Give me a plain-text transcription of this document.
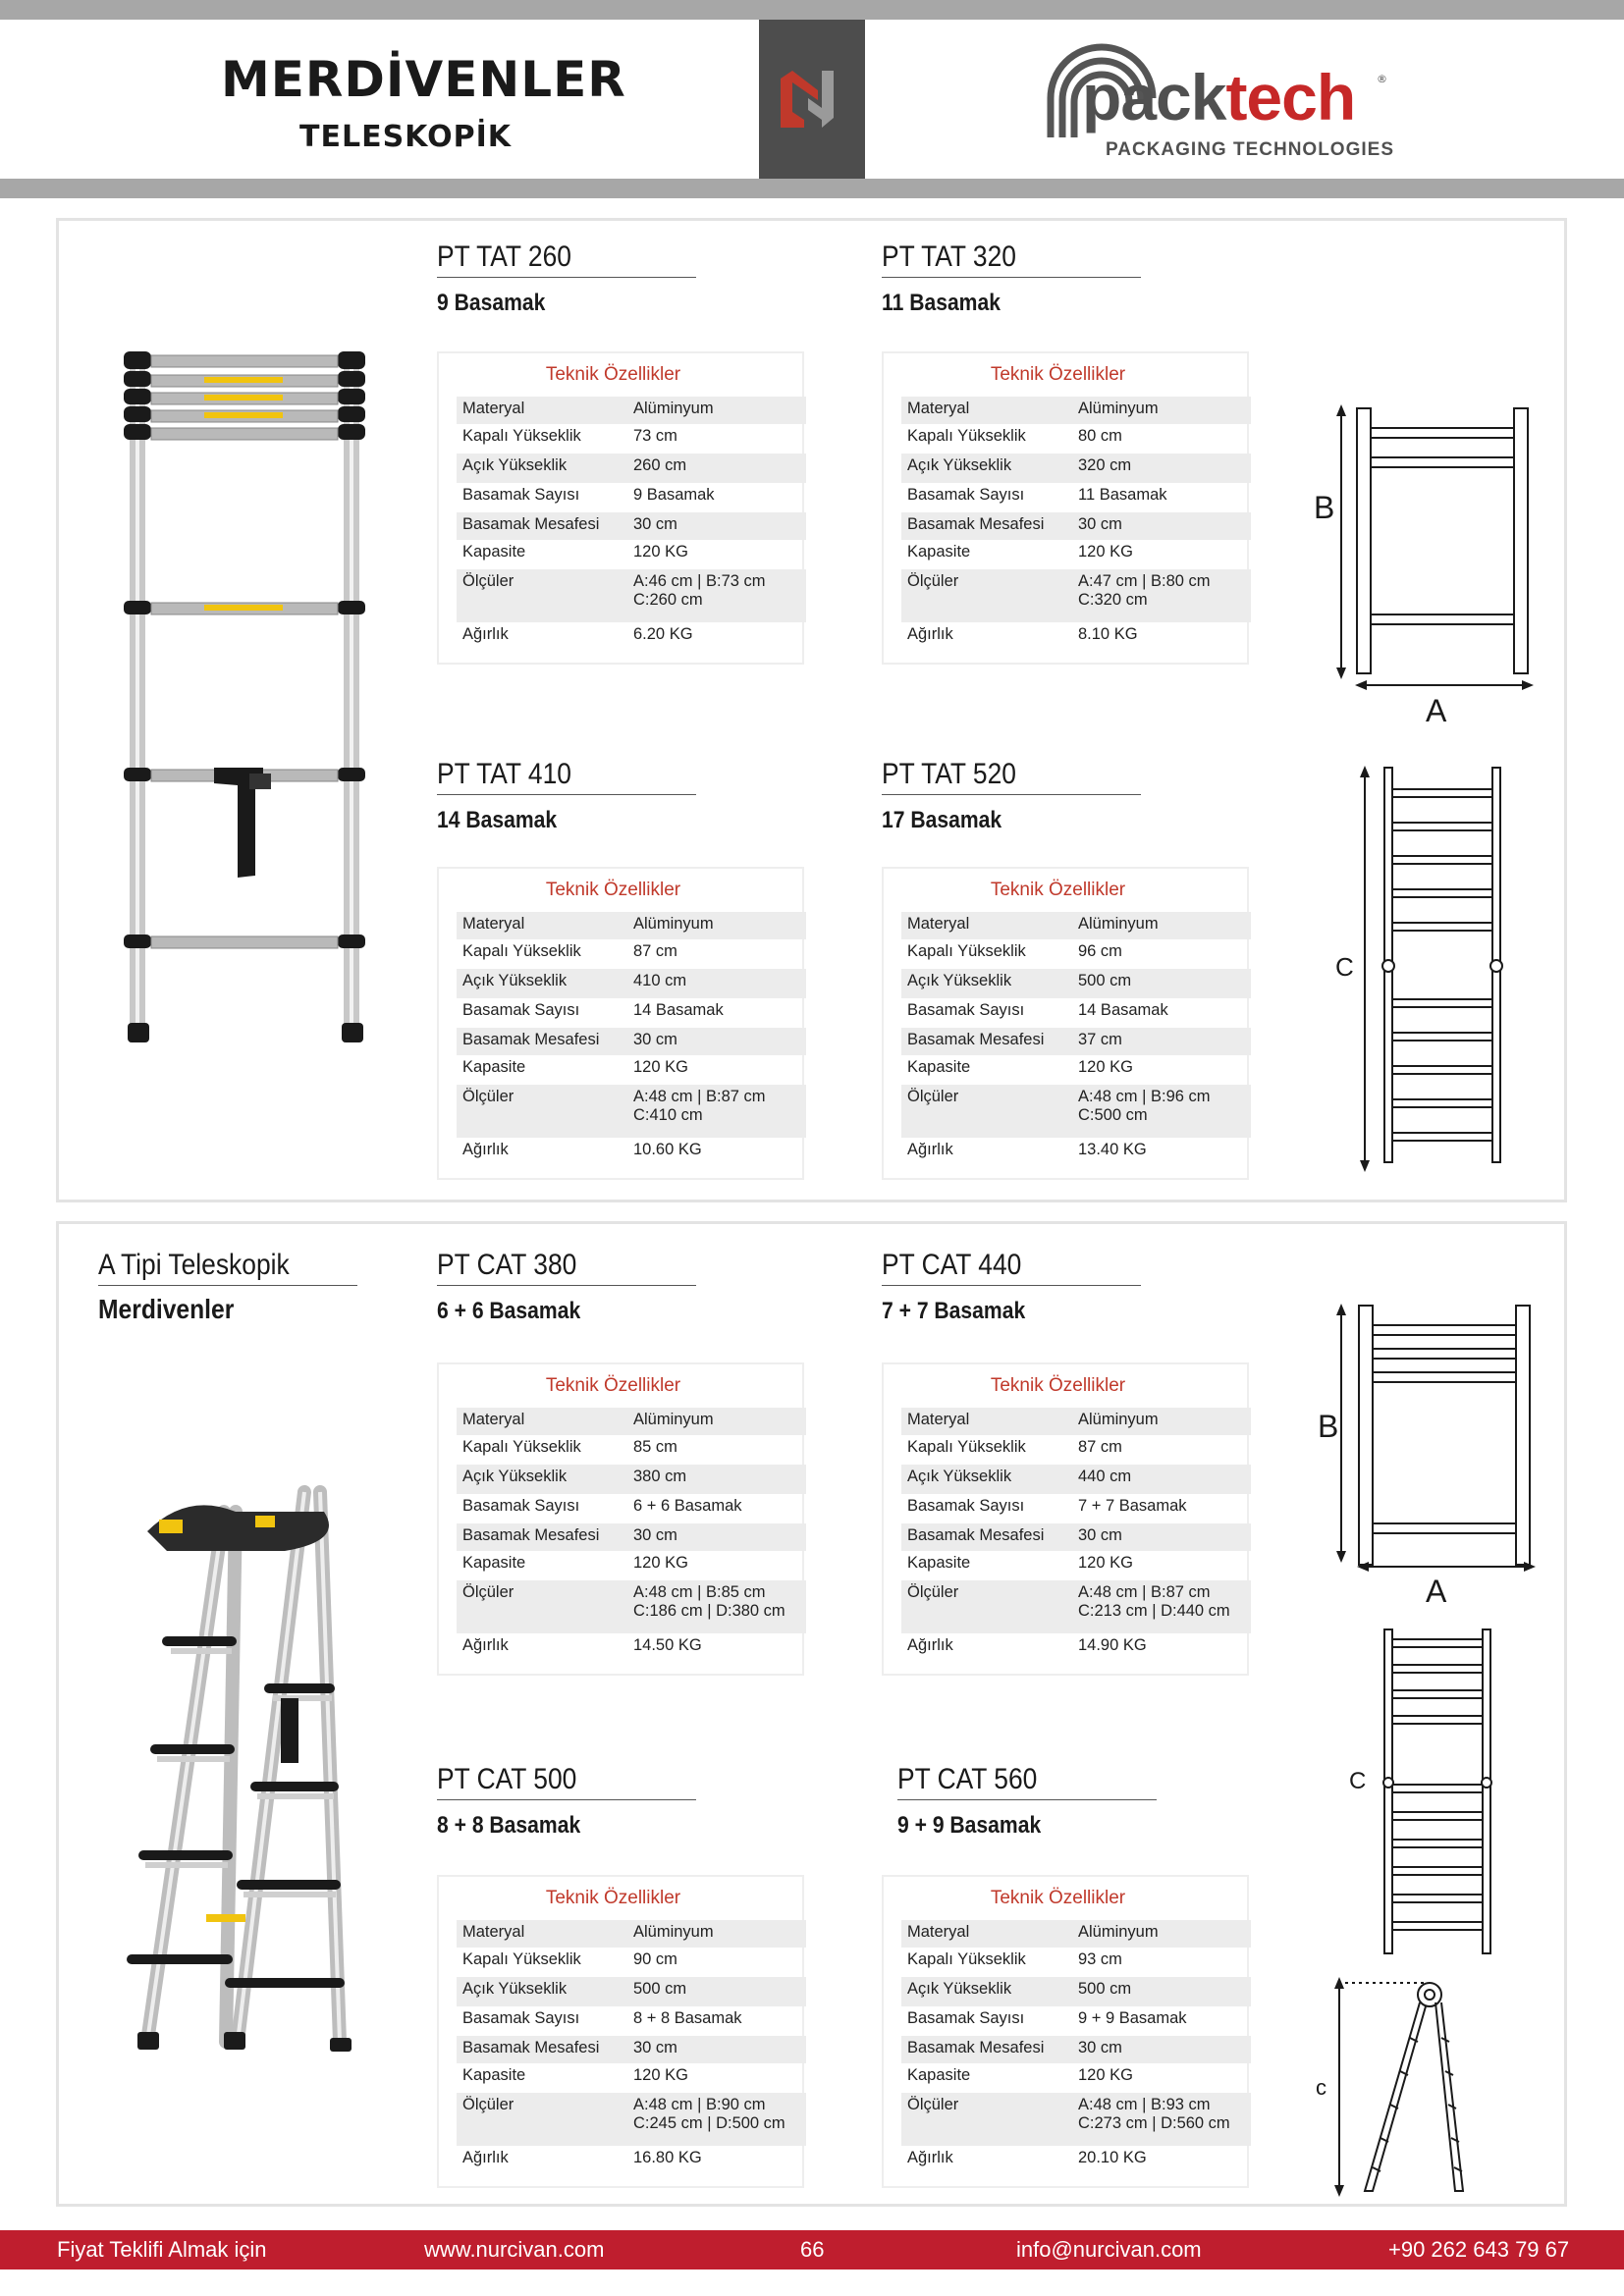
MERDİVENLER
TELESKOPİK
packtech ®
PACKAGING TECHNOLOGIES
PT TAT 260
9 Basamak
Teknik Özellikler
Materyal	Alüminyum
Kapalı Yükseklik	73 cm
Açık Yükseklik	260 cm
Basamak Sayısı	9 Basamak
Basamak Mesafesi	30 cm
Kapasite	120 KG
Ölçüler	A:46 cm | B:73 cm
C:260 cm
Ağırlık	6.20 KG
PT TAT 320
11 Basamak
Teknik Özellikler
Materyal	Alüminyum
Kapalı Yükseklik	80 cm
Açık Yükseklik	320 cm
Basamak Sayısı	11 Basamak
Basamak Mesafesi	30 cm
Kapasite	120 KG
Ölçüler	A:47 cm | B:80 cm
C:320 cm
Ağırlık	8.10 KG
PT TAT 410
14 Basamak
Teknik Özellikler
Materyal	Alüminyum
Kapalı Yükseklik	87 cm
Açık Yükseklik	410 cm
Basamak Sayısı	14 Basamak
Basamak Mesafesi	30 cm
Kapasite	120 KG
Ölçüler	A:48 cm | B:87 cm
C:410 cm
Ağırlık	10.60 KG
PT TAT 520
17 Basamak
Teknik Özellikler
Materyal	Alüminyum
Kapalı Yükseklik	96 cm
Açık Yükseklik	500 cm
Basamak Sayısı	14 Basamak
Basamak Mesafesi	37 cm
Kapasite	120 KG
Ölçüler	A:48 cm | B:96 cm
C:500 cm
Ağırlık	13.40 KG
B
A
C
A Tipi Teleskopik
Merdivenler
PT CAT 380
6 + 6 Basamak
Teknik Özellikler
Materyal	Alüminyum
Kapalı Yükseklik	85 cm
Açık Yükseklik	380 cm
Basamak Sayısı	6 + 6 Basamak
Basamak Mesafesi	30 cm
Kapasite	120 KG
Ölçüler	A:48 cm | B:85 cm
C:186 cm | D:380 cm
Ağırlık	14.50 KG
PT CAT 440
7 + 7 Basamak
Teknik Özellikler
Materyal	Alüminyum
Kapalı Yükseklik	87 cm
Açık Yükseklik	440 cm
Basamak Sayısı	7 + 7 Basamak
Basamak Mesafesi	30 cm
Kapasite	120 KG
Ölçüler	A:48 cm | B:87 cm
C:213 cm | D:440 cm
Ağırlık	14.90 KG
PT CAT 500
8 + 8 Basamak
Teknik Özellikler
Materyal	Alüminyum
Kapalı Yükseklik	90 cm
Açık Yükseklik	500 cm
Basamak Sayısı	8 + 8 Basamak
Basamak Mesafesi	30 cm
Kapasite	120 KG
Ölçüler	A:48 cm | B:90 cm
C:245 cm | D:500 cm
Ağırlık	16.80 KG
PT CAT 560
9 + 9 Basamak
Teknik Özellikler
Materyal	Alüminyum
Kapalı Yükseklik	93 cm
Açık Yükseklik	500 cm
Basamak Sayısı	9 + 9 Basamak
Basamak Mesafesi	30 cm
Kapasite	120 KG
Ölçüler	A:48 cm | B:93 cm
C:273 cm | D:560 cm
Ağırlık	20.10 KG
B
A
C
c
Fiyat Teklifi Almak için	www.nurcivan.com	66	info@nurcivan.com	+90 262 643 79 67
